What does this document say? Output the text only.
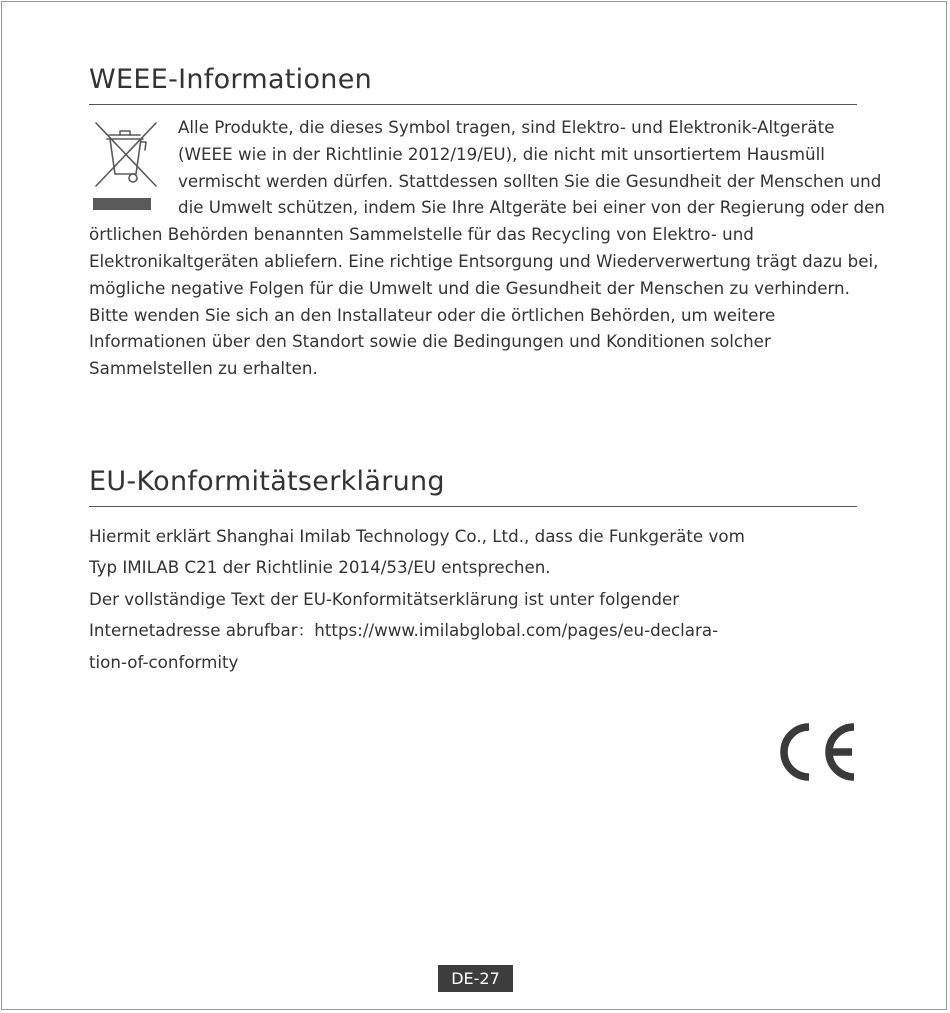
WEEE-Informationen

Alle Produkte, die dieses Symbol tragen, sind Elektro- und Elektronik-Altgeräte (WEEE wie in der Richtlinie 2012/19/EU), die nicht mit unsortiertem Hausmüll vermischt werden dürfen. Stattdessen sollten Sie die Gesundheit der Menschen und die Umwelt schützen, indem Sie Ihre Altgeräte bei einer von der Regierung oder den örtlichen Behörden benannten Sammelstelle für das Recycling von Elektro- und Elektronikaltgeräten abliefern. Eine richtige Entsorgung und Wiederverwertung trägt dazu bei, mögliche negative Folgen für die Umwelt und die Gesundheit der Menschen zu verhindern. Bitte wenden Sie sich an den Installateur oder die örtlichen Behörden, um weitere Informationen über den Standort sowie die Bedingungen und Konditionen solcher Sammelstellen zu erhalten.

EU-Konformitätserklärung

Hiermit erklärt Shanghai Imilab Technology Co., Ltd., dass die Funkgeräte vom
Typ IMILAB C21 der Richtlinie 2014/53/EU entsprechen.
Der vollständige Text der EU-Konformitätserklärung ist unter folgender
Internetadresse abrufbar：https://www.imilabglobal.com/pages/eu-declara-
tion-of-conformity

DE-27
